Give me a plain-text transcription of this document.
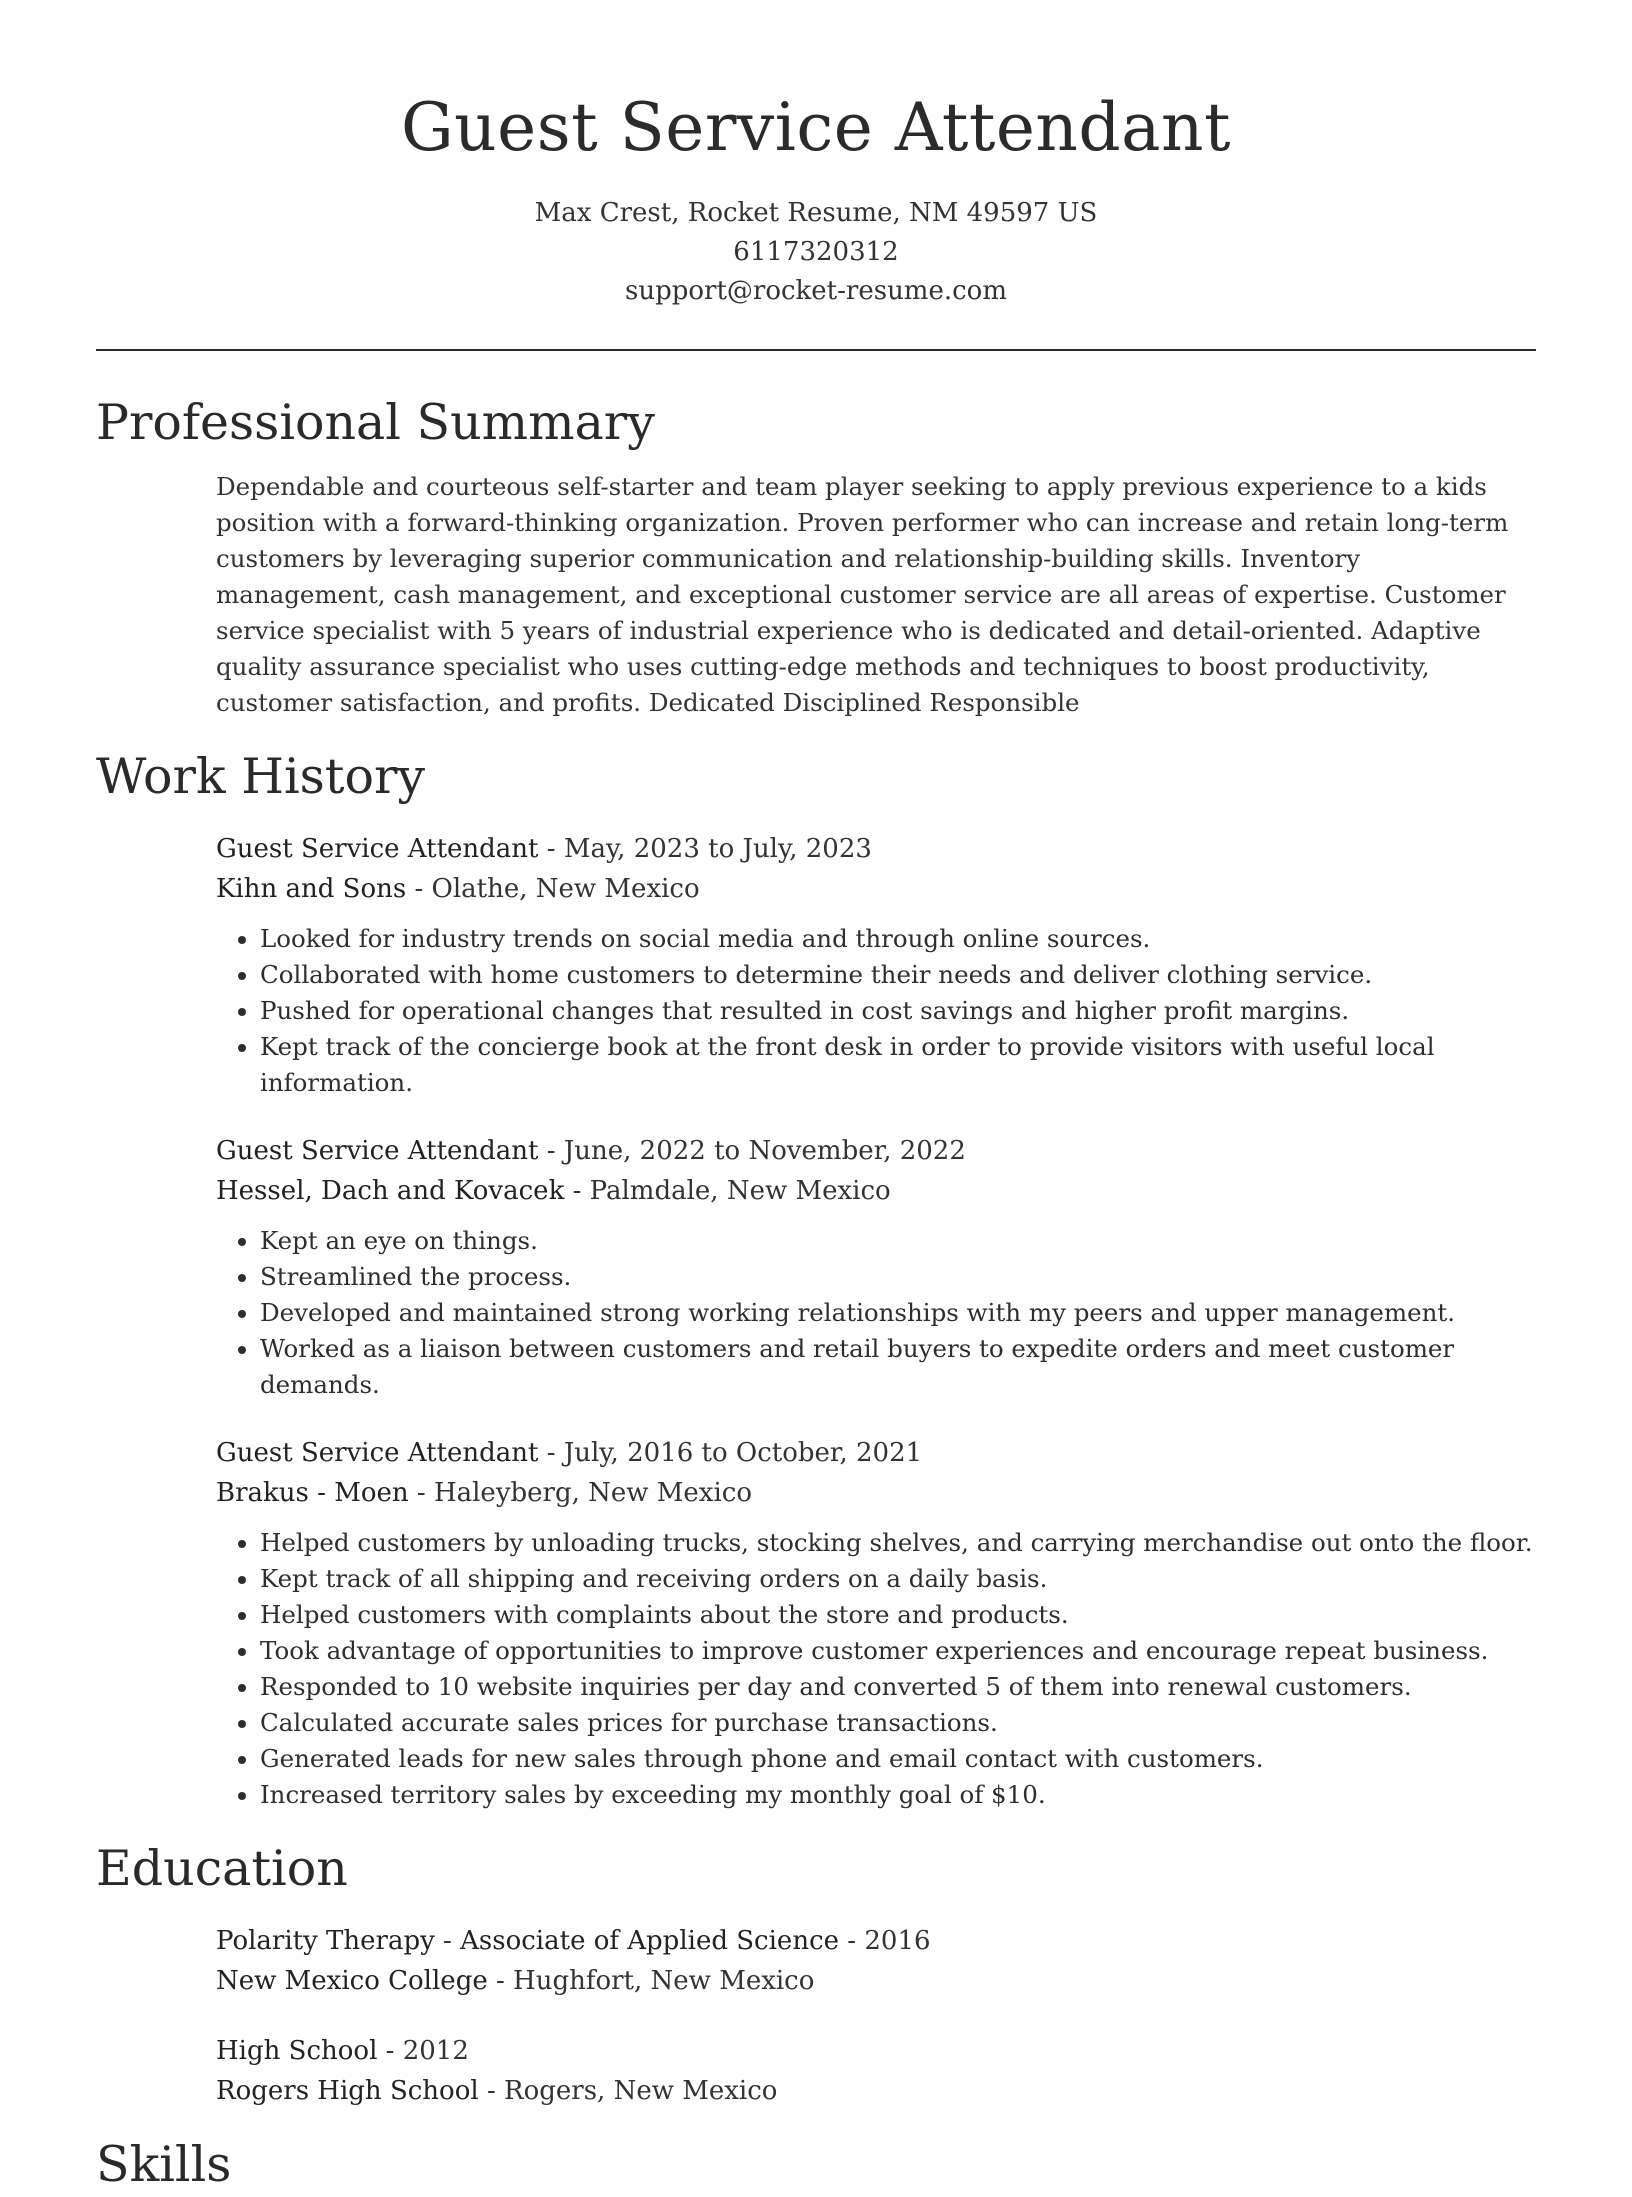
Guest Service Attendant
Max Crest, Rocket Resume, NM 49597 US
6117320312
support@rocket-resume.com
Professional Summary

Dependable and courteous self-starter and team player seeking to apply previous experience to a kids position with a forward-thinking organization. Proven performer who can increase and retain long-term customers by leveraging superior communication and relationship-building skills. Inventory management, cash management, and exceptional customer service are all areas of expertise. Customer service specialist with 5 years of industrial experience who is dedicated and detail-oriented. Adaptive quality assurance specialist who uses cutting-edge methods and techniques to boost productivity, customer satisfaction, and profits. Dedicated Disciplined Responsible

Work History
Guest Service Attendant - May, 2023 to July, 2023
Kihn and Sons - Olathe, New Mexico
• Looked for industry trends on social media and through online sources.
• Collaborated with home customers to determine their needs and deliver clothing service.
• Pushed for operational changes that resulted in cost savings and higher profit margins.
• Kept track of the concierge book at the front desk in order to provide visitors with useful local information.
Guest Service Attendant - June, 2022 to November, 2022
Hessel, Dach and Kovacek - Palmdale, New Mexico
• Kept an eye on things.
• Streamlined the process.
• Developed and maintained strong working relationships with my peers and upper management.
• Worked as a liaison between customers and retail buyers to expedite orders and meet customer demands.
Guest Service Attendant - July, 2016 to October, 2021
Brakus - Moen - Haleyberg, New Mexico
• Helped customers by unloading trucks, stocking shelves, and carrying merchandise out onto the floor.
• Kept track of all shipping and receiving orders on a daily basis.
• Helped customers with complaints about the store and products.
• Took advantage of opportunities to improve customer experiences and encourage repeat business.
• Responded to 10 website inquiries per day and converted 5 of them into renewal customers.
• Calculated accurate sales prices for purchase transactions.
• Generated leads for new sales through phone and email contact with customers.
• Increased territory sales by exceeding my monthly goal of $10.
Education
Polarity Therapy - Associate of Applied Science - 2016
New Mexico College - Hughfort, New Mexico
High School - 2012
Rogers High School - Rogers, New Mexico
Skills
